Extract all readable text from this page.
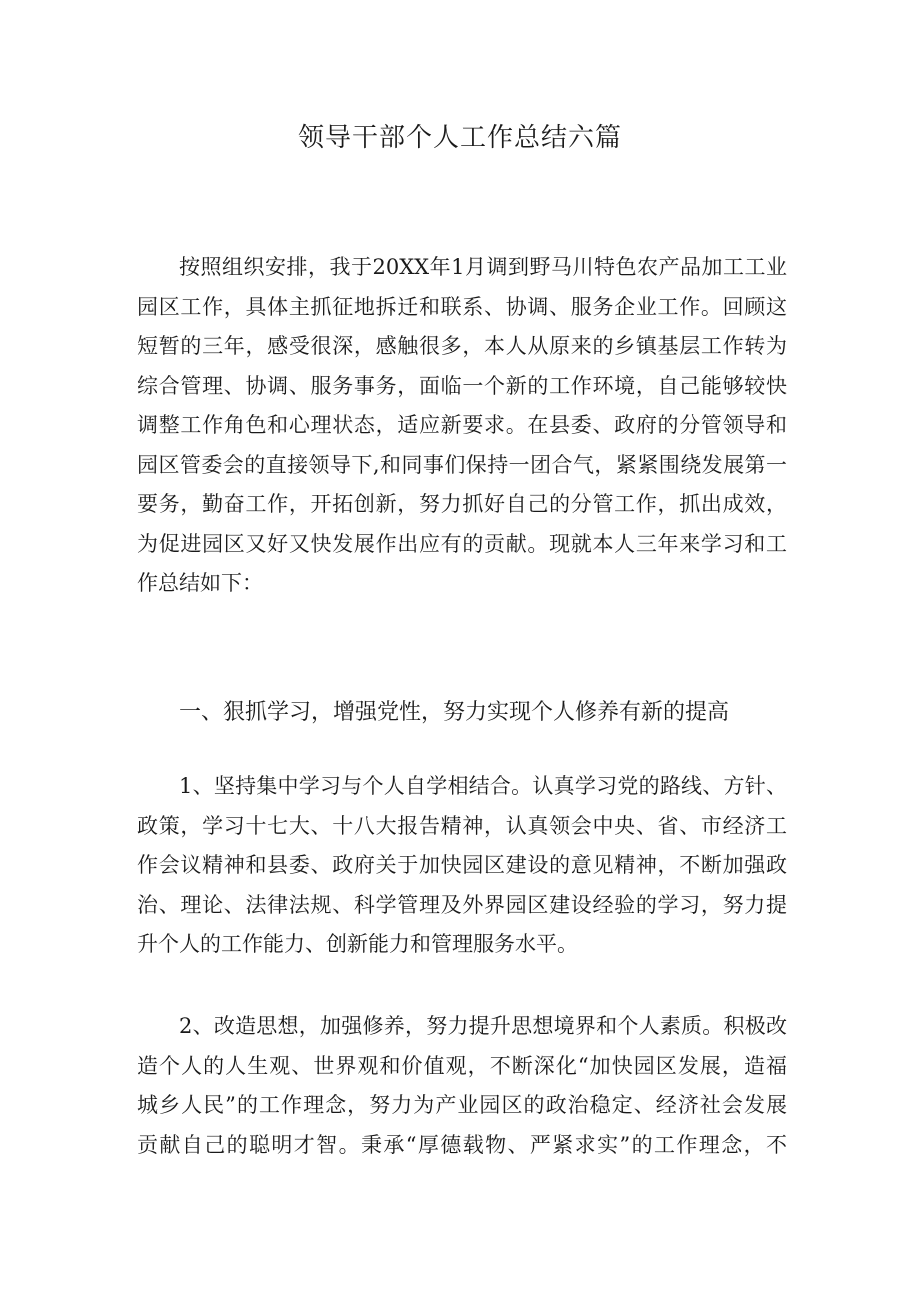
领导干部个人工作总结六篇
按照组织安排，我于20XX年1月调到野马川特色农产品加工工业
园区工作，具体主抓征地拆迁和联系、协调、服务企业工作。回顾这
短暂的三年，感受很深，感触很多，本人从原来的乡镇基层工作转为
综合管理、协调、服务事务，面临一个新的工作环境，自己能够较快
调整工作角色和心理状态，适应新要求。在县委、政府的分管领导和
园区管委会的直接领导下,和同事们保持一团合气，紧紧围绕发展第一
要务，勤奋工作，开拓创新，努力抓好自己的分管工作，抓出成效，
为促进园区又好又快发展作出应有的贡献。现就本人三年来学习和工
作总结如下：
一、狠抓学习，增强党性，努力实现个人修养有新的提高
1、坚持集中学习与个人自学相结合。认真学习党的路线、方针、
政策，学习十七大、十八大报告精神，认真领会中央、省、市经济工
作会议精神和县委、政府关于加快园区建设的意见精神，不断加强政
治、理论、法律法规、科学管理及外界园区建设经验的学习，努力提
升个人的工作能力、创新能力和管理服务水平。
2、改造思想，加强修养，努力提升思想境界和个人素质。积极改
造个人的人生观、世界观和价值观，不断深化“加快园区发展，造福
城乡人民”的工作理念，努力为产业园区的政治稳定、经济社会发展
贡献自己的聪明才智。秉承“厚德载物、严紧求实”的工作理念，不
